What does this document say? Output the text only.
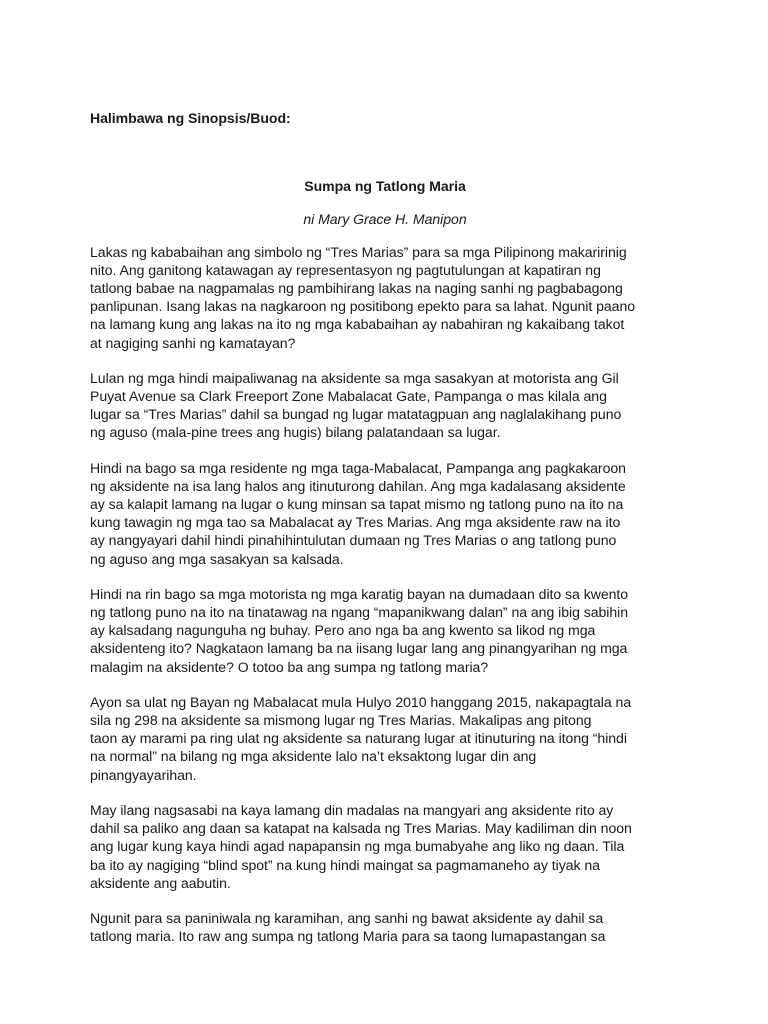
Halimbawa ng Sinopsis/Buod:
Sumpa ng Tatlong Maria
ni Mary Grace H. Manipon
Lakas ng kababaihan ang simbolo ng “Tres Marias” para sa mga Pilipinong makaririnig
nito. Ang ganitong katawagan ay representasyon ng pagtutulungan at kapatiran ng
tatlong babae na nagpamalas ng pambihirang lakas na naging sanhi ng pagbabagong
panlipunan. Isang lakas na nagkaroon ng positibong epekto para sa lahat. Ngunit paano
na lamang kung ang lakas na ito ng mga kababaihan ay nabahiran ng kakaibang takot
at nagiging sanhi ng kamatayan?
Lulan ng mga hindi maipaliwanag na aksidente sa mga sasakyan at motorista ang Gil
Puyat Avenue sa Clark Freeport Zone Mabalacat Gate, Pampanga o mas kilala ang
lugar sa “Tres Marias” dahil sa bungad ng lugar matatagpuan ang naglalakihang puno
ng aguso (mala-pine trees ang hugis) bilang palatandaan sa lugar.
Hindi na bago sa mga residente ng mga taga-Mabalacat, Pampanga ang pagkakaroon
ng aksidente na isa lang halos ang itinuturong dahilan. Ang mga kadalasang aksidente
ay sa kalapit lamang na lugar o kung minsan sa tapat mismo ng tatlong puno na ito na
kung tawagin ng mga tao sa Mabalacat ay Tres Marias. Ang mga aksidente raw na ito
ay nangyayari dahil hindi pinahihintulutan dumaan ng Tres Marias o ang tatlong puno
ng aguso ang mga sasakyan sa kalsada.
Hindi na rin bago sa mga motorista ng mga karatig bayan na dumadaan dito sa kwento
ng tatlong puno na ito na tinatawag na ngang “mapanikwang dalan” na ang ibig sabihin
ay kalsadang nagunguha ng buhay. Pero ano nga ba ang kwento sa likod ng mga
aksidenteng ito? Nagkataon lamang ba na iisang lugar lang ang pinangyarihan ng mga
malagim na aksidente? O totoo ba ang sumpa ng tatlong maria?
Ayon sa ulat ng Bayan ng Mabalacat mula Hulyo 2010 hanggang 2015, nakapagtala na
sila ng 298 na aksidente sa mismong lugar ng Tres Marias. Makalipas ang pitong
taon ay marami pa ring ulat ng aksidente sa naturang lugar at itinuturing na itong “hindi
na normal” na bilang ng mga aksidente lalo na’t eksaktong lugar din ang
pinangyayarihan.
May ilang nagsasabi na kaya lamang din madalas na mangyari ang aksidente rito ay
dahil sa paliko ang daan sa katapat na kalsada ng Tres Marias. May kadiliman din noon
ang lugar kung kaya hindi agad napapansin ng mga bumabyahe ang liko ng daan. Tila
ba ito ay nagiging “blind spot” na kung hindi maingat sa pagmamaneho ay tiyak na
aksidente ang aabutin.
Ngunit para sa paniniwala ng karamihan, ang sanhi ng bawat aksidente ay dahil sa
tatlong maria. Ito raw ang sumpa ng tatlong Maria para sa taong lumapastangan sa
